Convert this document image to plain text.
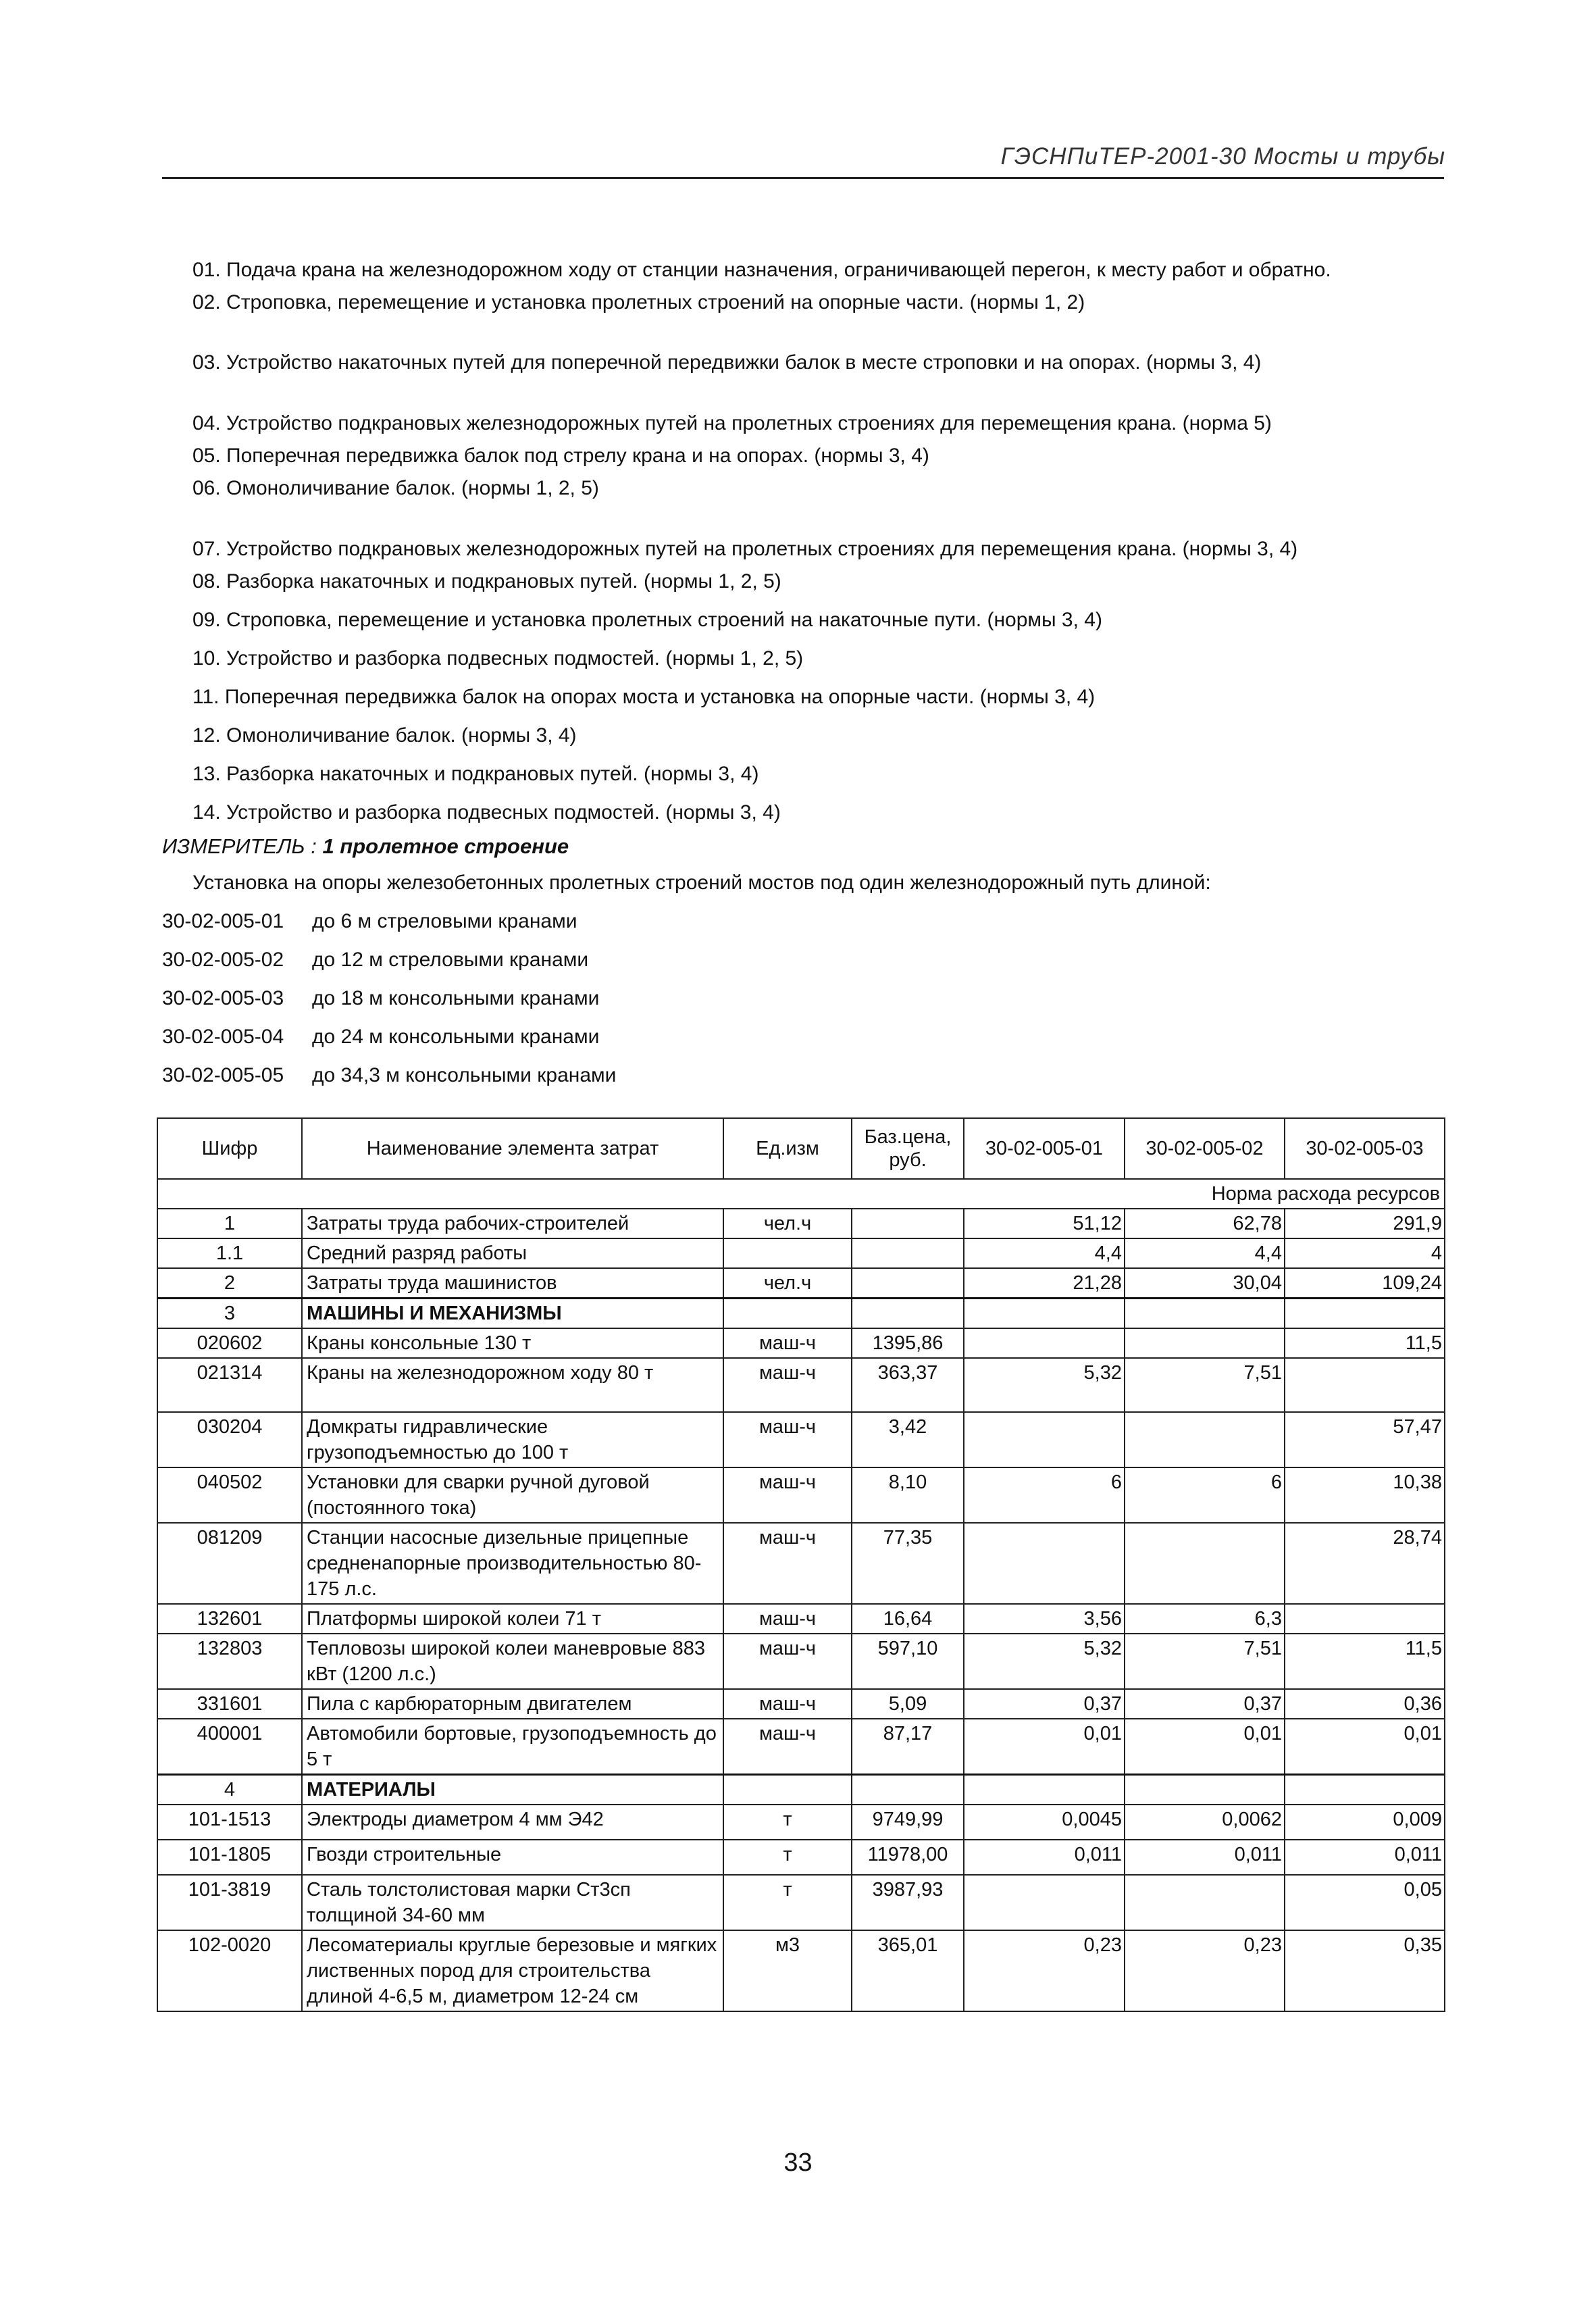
ГЭСНПиТЕР-2001-30 Мосты и трубы
01. Подача крана на железнодорожном ходу от станции назначения, ограничивающей перегон, к месту работ и обратно.
02. Строповка, перемещение и установка пролетных строений на опорные части. (нормы 1, 2)
03. Устройство накаточных путей для поперечной передвижки балок в месте строповки и на опорах. (нормы 3, 4)
04. Устройство подкрановых железнодорожных путей на пролетных строениях для перемещения крана. (норма 5)
05. Поперечная передвижка балок под стрелу крана и на опорах. (нормы 3, 4)
06. Омоноличивание балок. (нормы 1, 2, 5)
07. Устройство подкрановых железнодорожных путей на пролетных строениях для перемещения крана. (нормы 3, 4)
08. Разборка накаточных и подкрановых путей. (нормы 1, 2, 5)
09. Строповка, перемещение и установка пролетных строений на накаточные пути. (нормы 3, 4)
10. Устройство и разборка подвесных подмостей. (нормы 1, 2, 5)
11. Поперечная передвижка балок на опорах моста и установка на опорные части. (нормы 3, 4)
12. Омоноличивание балок. (нормы 3, 4)
13. Разборка накаточных и подкрановых путей. (нормы 3, 4)
14. Устройство и разборка подвесных подмостей. (нормы 3, 4)
ИЗМЕРИТЕЛЬ : 1 пролетное строение
Установка на опоры железобетонных пролетных строений мостов под один железнодорожный путь длиной:
30-02-005-01 до 6 м стреловыми кранами
30-02-005-02 до 12 м стреловыми кранами
30-02-005-03 до 18 м консольными кранами
30-02-005-04 до 24 м консольными кранами
30-02-005-05 до 34,3 м консольными кранами
Шифр	Наименование элемента затрат	Ед.изм	Баз.цена, руб.	30-02-005-01	30-02-005-02	30-02-005-03
Норма расхода ресурсов						
1	Затраты труда рабочих-строителей	чел.ч		51,12	62,78	291,9
1.1	Средний разряд работы			4,4	4,4	4
2	Затраты труда машинистов	чел.ч		21,28	30,04	109,24
3	МАШИНЫ И МЕХАНИЗМЫ					
020602	Краны консольные 130 т	маш-ч	1395,86			11,5
021314	Краны на железнодорожном ходу 80 т	маш-ч	363,37	5,32	7,51	
030204	Домкраты гидравлические грузоподъемностью до 100 т	маш-ч	3,42			57,47
040502	Установки для сварки ручной дуговой (постоянного тока)	маш-ч	8,10	6	6	10,38
081209	Станции насосные дизельные прицепные средненапорные производительностью 80-175 л.с.	маш-ч	77,35			28,74
132601	Платформы широкой колеи 71 т	маш-ч	16,64	3,56	6,3	
132803	Тепловозы широкой колеи маневровые 883 кВт (1200 л.с.)	маш-ч	597,10	5,32	7,51	11,5
331601	Пила с карбюраторным двигателем	маш-ч	5,09	0,37	0,37	0,36
400001	Автомобили бортовые, грузоподъемность до 5 т	маш-ч	87,17	0,01	0,01	0,01
4	МАТЕРИАЛЫ					
101-1513	Электроды диаметром 4 мм Э42	т	9749,99	0,0045	0,0062	0,009
101-1805	Гвозди строительные	т	11978,00	0,011	0,011	0,011
101-3819	Сталь толстолистовая марки Ст3сп толщиной 34-60 мм	т	3987,93			0,05
102-0020	Лесоматериалы круглые березовые и мягких лиственных пород для строительства длиной 4-6,5 м, диаметром 12-24 см	м3	365,01	0,23	0,23	0,35
33
